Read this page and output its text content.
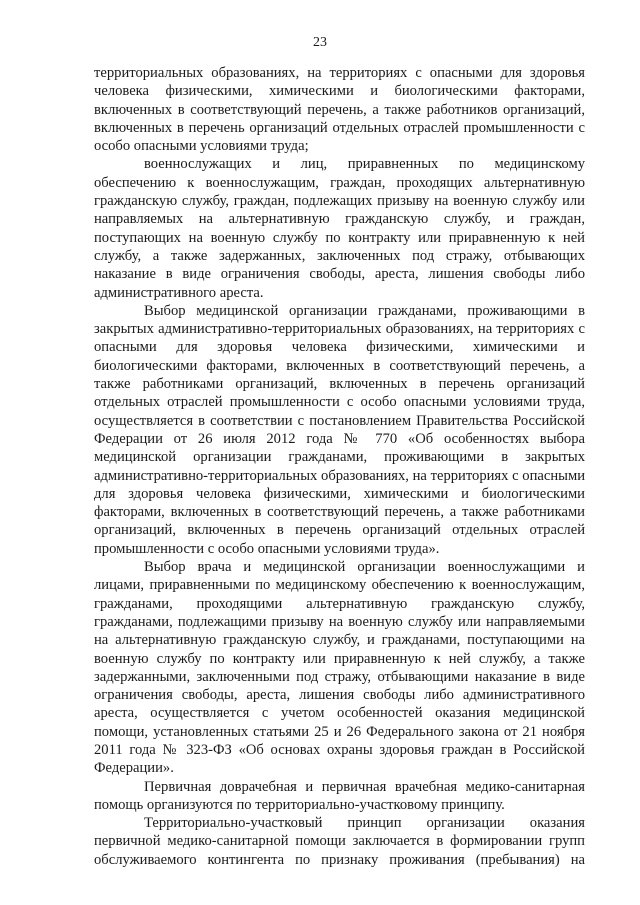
23

территориальных образованиях, на территориях с опасными для здоровья человека физическими, химическими и биологическими факторами, включенных в соответствующий перечень, а также работников организаций, включенных в перечень организаций отдельных отраслей промышленности с особо опасными условиями труда;

военнослужащих и лиц, приравненных по медицинскому обеспечению к военнослужащим, граждан, проходящих альтернативную гражданскую службу, граждан, подлежащих призыву на военную службу или направляемых на альтернативную гражданскую службу, и граждан, поступающих на военную службу по контракту или приравненную к ней службу, а также задержанных, заключенных под стражу, отбывающих наказание в виде ограничения свободы, ареста, лишения свободы либо административного ареста.

Выбор медицинской организации гражданами, проживающими в закрытых административно-территориальных образованиях, на территориях с опасными для здоровья человека физическими, химическими и биологическими факторами, включенных в соответствующий перечень, а также работниками организаций, включенных в перечень организаций отдельных отраслей промышленности с особо опасными условиями труда, осуществляется в соответствии с постановлением Правительства Российской Федерации от 26 июля 2012 года № 770 «Об особенностях выбора медицинской организации гражданами, проживающими в закрытых административно-территориальных образованиях, на территориях с опасными для здоровья человека физическими, химическими и биологическими факторами, включенных в соответствующий перечень, а также работниками организаций, включенных в перечень организаций отдельных отраслей промышленности с особо опасными условиями труда».

Выбор врача и медицинской организации военнослужащими и лицами, приравненными по медицинскому обеспечению к военнослужащим, гражданами, проходящими альтернативную гражданскую службу, гражданами, подлежащими призыву на военную службу или направляемыми на альтернативную гражданскую службу, и гражданами, поступающими на военную службу по контракту или приравненную к ней службу, а также задержанными, заключенными под стражу, отбывающими наказание в виде ограничения свободы, ареста, лишения свободы либо административного ареста, осуществляется с учетом особенностей оказания медицинской помощи, установленных статьями 25 и 26 Федерального закона от 21 ноября 2011 года № 323-ФЗ «Об основах охраны здоровья граждан в Российской Федерации».

Первичная доврачебная и первичная врачебная медико-санитарная помощь организуются по территориально-участковому принципу.

Территориально-участковый принцип организации оказания первичной медико-санитарной помощи заключается в формировании групп обслуживаемого контингента по признаку проживания (пребывания) на
